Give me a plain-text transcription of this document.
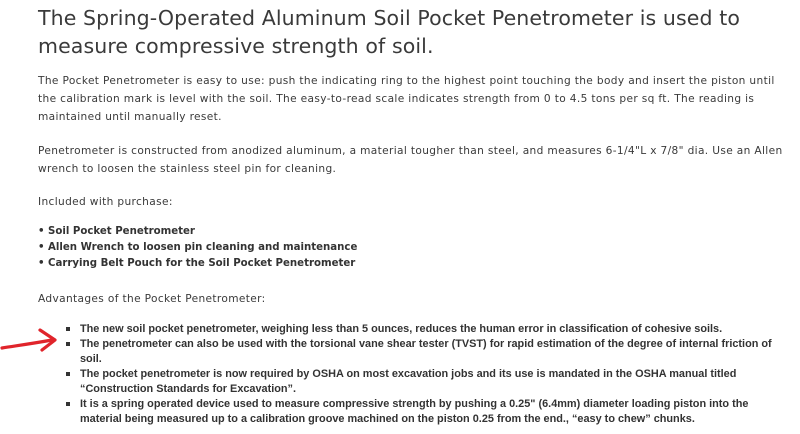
The Spring-Operated Aluminum Soil Pocket Penetrometer is used to measure compressive strength of soil.

The Pocket Penetrometer is easy to use: push the indicating ring to the highest point touching the body and insert the piston until the calibration mark is level with the soil. The easy-to-read scale indicates strength from 0 to 4.5 tons per sq ft. The reading is maintained until manually reset.

Penetrometer is constructed from anodized aluminum, a material tougher than steel, and measures 6-1/4"L x 7/8" dia. Use an Allen wrench to loosen the stainless steel pin for cleaning.

Included with purchase:

• Soil Pocket Penetrometer
• Allen Wrench to loosen pin cleaning and maintenance
• Carrying Belt Pouch for the Soil Pocket Penetrometer

Advantages of the Pocket Penetrometer:

The new soil pocket penetrometer, weighing less than 5 ounces, reduces the human error in classification of cohesive soils.
The penetrometer can also be used with the torsional vane shear tester (TVST) for rapid estimation of the degree of internal friction of soil.
The pocket penetrometer is now required by OSHA on most excavation jobs and its use is mandated in the OSHA manual titled “Construction Standards for Excavation”.
It is a spring operated device used to measure compressive strength by pushing a 0.25" (6.4mm) diameter loading piston into the material being measured up to a calibration groove machined on the piston 0.25 from the end., “easy to chew” chunks.
